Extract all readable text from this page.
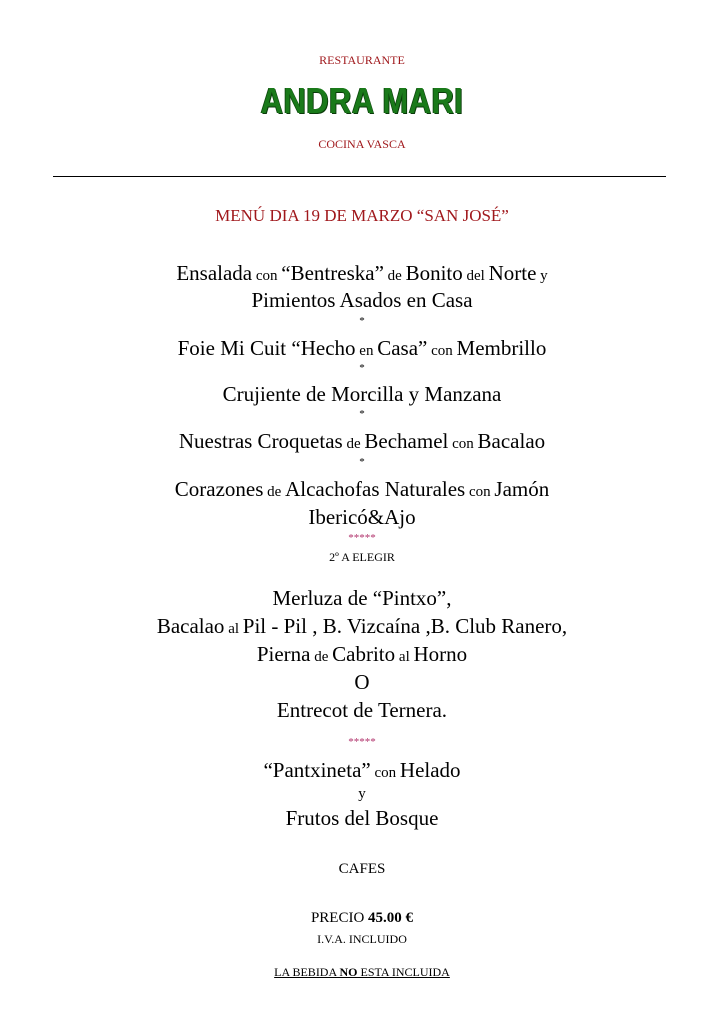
RESTAURANTE
ANDRA MARI
COCINA VASCA
MENÚ DIA 19 DE MARZO “SAN JOSÉ”
Ensalada con “Bentreska” de Bonito del Norte y
Pimientos Asados en Casa
*
Foie Mi Cuit “Hecho en Casa” con Membrillo
*
Crujiente de Morcilla y Manzana
*
Nuestras Croquetas de Bechamel con Bacalao
*
Corazones de Alcachofas Naturales con Jamón
Ibericó&Ajo
*****
2º A ELEGIR
Merluza de “Pintxo”,
Bacalao al Pil - Pil , B. Vizcaína ,B. Club Ranero,
Pierna de Cabrito al Horno
O
Entrecot de Ternera.
*****
“Pantxineta” con Helado
y
Frutos del Bosque
CAFES
PRECIO 45.00 €
I.V.A. INCLUIDO
LA BEBIDA NO ESTA INCLUIDA
